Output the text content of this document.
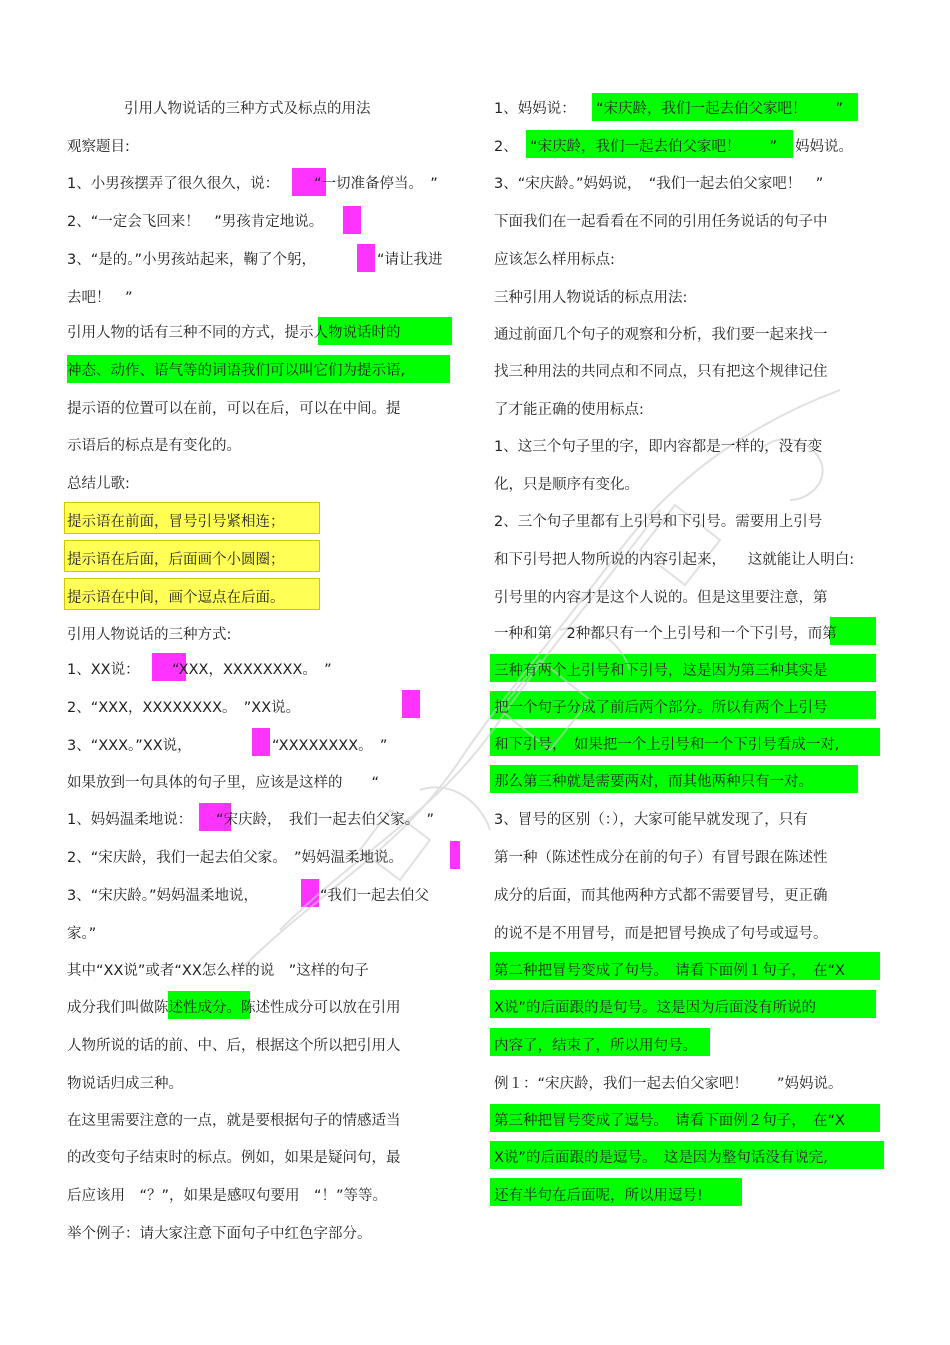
引用人物说话的三种方式及标点的用法
观察题目:
1、小男孩摆弄了很久很久，说： “一切准备停当。　”
2、“一定会飞回来！　”男孩肯定地说。
3、“是的。”小男孩站起来，鞠了个躬，	“请让我进
去吧！　”
引用人物的话有三种不同的方式，提示人物说话时的
神态、动作、语气等的词语我们可以叫它们为提示语,
提示语的位置可以在前，可以在后，可以在中间。提
示语后的标点是有变化的。
总结儿歌:
提示语在前面，冒号引号紧相连；
提示语在后面，后面画个小圆圈；
提示语在中间，画个逗点在后面。
引用人物说话的三种方式:
1、XX说： “XXX，XXXXXXXX。　”
2、“XXX，XXXXXXXX。　”XX说。
3、“XXX。”XX说，	“XXXXXXXX。　”
如果放到一句具体的句子里，应该是这样的　　“
1、妈妈温柔地说： “宋庆龄，　我们一起去伯父家。　”
2、“宋庆龄，我们一起去伯父家。　”妈妈温柔地说。
3、“宋庆龄。”妈妈温柔地说，	“我们一起去伯父
家。”
其中“XX说”或者“XX怎么样的说　”这样的句子
成分我们叫做陈述性成分。陈述性成分可以放在引用
人物所说的话的前、中、后，根据这个所以把引用人
物说话归成三种。
在这里需要注意的一点，就是要根据句子的情感适当
的改变句子结束时的标点。例如，如果是疑问句，最
后应该用　“？”，如果是感叹句要用　“！”等等。
举个例子：请大家注意下面句子中红色字部分。
1、妈妈说： “宋庆龄，我们一起去伯父家吧！　　”
2、 “宋庆龄，我们一起去伯父家吧！　　” 妈妈说。
3、“宋庆龄。”妈妈说，　“我们一起去伯父家吧！　”
下面我们在一起看看在不同的引用任务说话的句子中
应该怎么样用标点:
三种引用人物说话的标点用法:
通过前面几个句子的观察和分析，我们要一起来找一
找三种用法的共同点和不同点，只有把这个规律记住
了才能正确的使用标点:
1、这三个句子里的字，即内容都是一样的，没有变
化，只是顺序有变化。
2、三个句子里都有上引号和下引号。需要用上引号
和下引号把人物所说的内容引起来，　　这就能让人明白:
引号里的内容才是这个人说的。但是这里要注意，第
一种和第　2种都只有一个上引号和一个下引号，而第
三种有两个上引号和下引号，这是因为第三种其实是
把一个句子分成了前后两个部分。所以有两个上引号
和下引号，　如果把一个上引号和一个下引号看成一对,
那么第三种就是需要两对，而其他两种只有一对。
3、冒号的区别（：），大家可能早就发现了，只有
第一种（陈述性成分在前的句子）有冒号跟在陈述性
成分的后面，而其他两种方式都不需要冒号，更正确
的说不是不用冒号，而是把冒号换成了句号或逗号。
第二种把冒号变成了句号。　请看下面例１句子，　在“X
X说”的后面跟的是句号。这是因为后面没有所说的
内容了，结束了，所以用句号。
例１：“宋庆龄，我们一起去伯父家吧！　　”妈妈说。
第三种把冒号变成了逗号。　请看下面例２句子，　在“X
X说”的后面跟的是逗号。　这是因为整句话没有说完,
还有半句在后面呢，所以用逗号!
